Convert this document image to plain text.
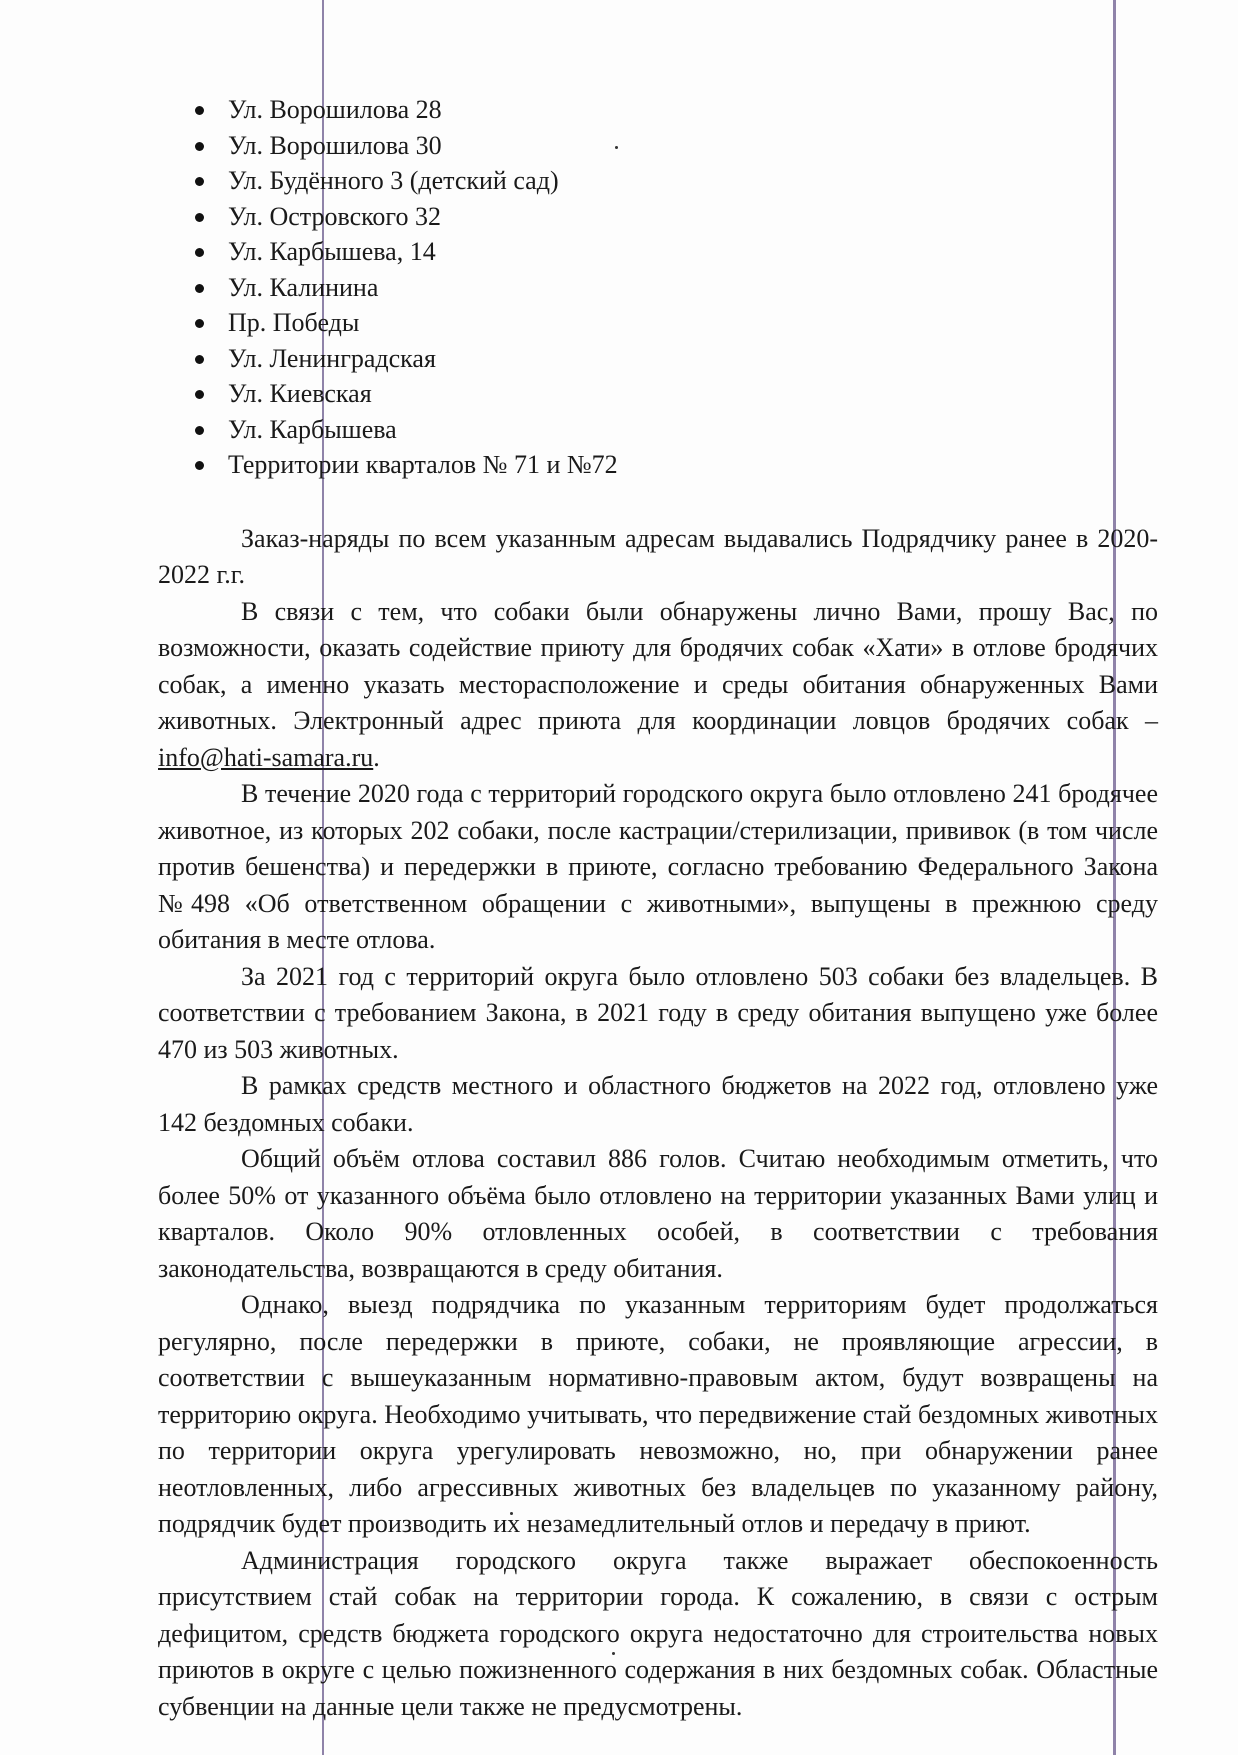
Ул. Ворошилова 28
Ул. Ворошилова 30
Ул. Будённого 3 (детский сад)
Ул. Островского 32
Ул. Карбышева, 14
Ул. Калинина
Пр. Победы
Ул. Ленинградская
Ул. Киевская
Ул. Карбышева
Территории кварталов № 71 и №72

Заказ-наряды по всем указанным адресам выдавались Подрядчику ранее в 2020-2022 г.г.

В связи с тем, что собаки были обнаружены лично Вами, прошу Вас, по возможности, оказать содействие приюту для бродячих собак «Хати» в отлове бродячих собак, а именно указать месторасположение и среды обитания обнаруженных Вами животных. Электронный адрес приюта для координации ловцов бродячих собак – info@hati-samara.ru.

В течение 2020 года с территорий городского округа было отловлено 241 бродячее животное, из которых 202 собаки, после кастрации/стерилизации, прививок (в том числе против бешенства) и передержки в приюте, согласно требованию Федерального Закона №498 «Об ответственном обращении с животными», выпущены в прежнюю среду обитания в месте отлова.

За 2021 год с территорий округа было отловлено 503 собаки без владельцев. В соответствии с требованием Закона, в 2021 году в среду обитания выпущено уже более 470 из 503 животных.

В рамках средств местного и областного бюджетов на 2022 год, отловлено уже 142 бездомных собаки.

Общий объём отлова составил 886 голов. Считаю необходимым отметить, что более 50% от указанного объёма было отловлено на территории указанных Вами улиц и кварталов. Около 90% отловленных особей, в соответствии с требования законодательства, возвращаются в среду обитания.

Однако, выезд подрядчика по указанным территориям будет продолжаться регулярно, после передержки в приюте, собаки, не проявляющие агрессии, в соответствии с вышеуказанным нормативно-правовым актом, будут возвращены на территорию округа. Необходимо учитывать, что передвижение стай бездомных животных по территории округа урегулировать невозможно, но, при обнаружении ранее неотловленных, либо агрессивных животных без владельцев по указанному району, подрядчик будет производить их незамедлительный отлов и передачу в приют.

Администрация городского округа также выражает обеспокоенность присутствием стай собак на территории города. К сожалению, в связи с острым дефицитом, средств бюджета городского округа недостаточно для строительства новых приютов в округе с целью пожизненного содержания в них бездомных собак. Областные субвенции на данные цели также не предусмотрены.
